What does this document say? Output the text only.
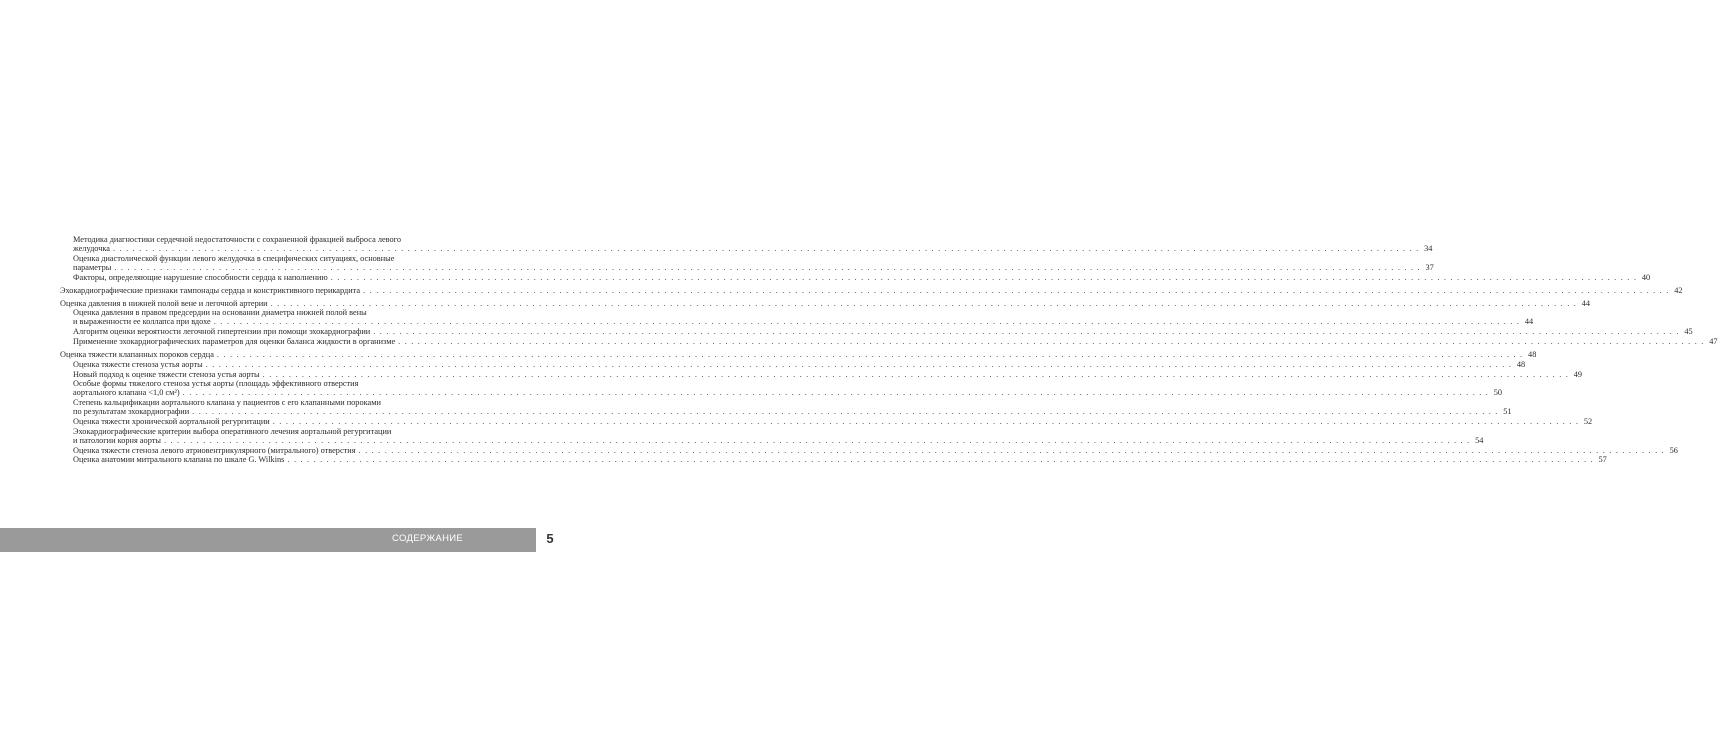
Методика диагностики сердечной недостаточности с сохраненной фракцией выброса левого
желудочка . . . . . . . . . . . . . . . . . . . . . . . . . . . . . . . . . . . . . . . . . . . . . . . . . . . . . . . . . . . . . . . . . . . . . . . . . . . . . . . . . . . . . . . . . . . . . . . . . . . . . . . . . . . . . . . . . . . . . . . . . . . . . . . . . . . . . . . . . . . . . . . . . . . . . . . . . . . . . . . . . . . . . . . . . . . . . . . . . . . . . . . . . . . . . . . . . . . . . . . . 34
Оценка диастолической функции левого желудочка в специфических ситуациях, основные
параметры . . . . . . . . . . . . . . . . . . . . . . . . . . . . . . . . . . . . . . . . . . . . . . . . . . . . . . . . . . . . . . . . . . . . . . . . . . . . . . . . . . . . . . . . . . . . . . . . . . . . . . . . . . . . . . . . . . . . . . . . . . . . . . . . . . . . . . . . . . . . . . . . . . . . . . . . . . . . . . . . . . . . . . . . . . . . . . . . . . . . . . . . . . . . . . . . . . . . . . . . 37
Факторы, определяющие нарушение способности сердца к наполнению . . . . . . . . . . . . . . . . . . . . . . . . . . . . . . . . . . . . . . . . . . . . . . . . . . . . . . . . . . . . . . . . . . . . . . . . . . . . . . . . . . . . . . . . . . . . . . . . . . . . . . . . . . . . . . . . . . . . . . . . . . . . . . . . . . . . . . . . . . . . . . . . . . . . . . . . . . . . . . . . . . . . . . . . . . . . . . . . . . . . . . . . . . . . . . . . . . . . . . . . 40
Эхокардиографические признаки тампонады сердца и констриктивного перикардита . . . . . . . . . . . . . . . . . . . . . . . . . . . . . . . . . . . . . . . . . . . . . . . . . . . . . . . . . . . . . . . . . . . . . . . . . . . . . . . . . . . . . . . . . . . . . . . . . . . . . . . . . . . . . . . . . . . . . . . . . . . . . . . . . . . . . . . . . . . . . . . . . . . . . . . . . . . . . . . . . . . . . . . . . . . . . . . . . . . . . . . . . . . . . . . . . . . . . . . . 42
Оценка давления в нижней полой вене и легочной артерии . . . . . . . . . . . . . . . . . . . . . . . . . . . . . . . . . . . . . . . . . . . . . . . . . . . . . . . . . . . . . . . . . . . . . . . . . . . . . . . . . . . . . . . . . . . . . . . . . . . . . . . . . . . . . . . . . . . . . . . . . . . . . . . . . . . . . . . . . . . . . . . . . . . . . . . . . . . . . . . . . . . . . . . . . . . . . . . . . . . . . . . . . . . . . . . . . . . . . . . . 44
Оценка давления в правом предсердии на основании диаметра нижней полой вены
и выраженности ее коллапса при вдохе . . . . . . . . . . . . . . . . . . . . . . . . . . . . . . . . . . . . . . . . . . . . . . . . . . . . . . . . . . . . . . . . . . . . . . . . . . . . . . . . . . . . . . . . . . . . . . . . . . . . . . . . . . . . . . . . . . . . . . . . . . . . . . . . . . . . . . . . . . . . . . . . . . . . . . . . . . . . . . . . . . . . . . . . . . . . . . . . . . . . . . . . . . . . . . . . . . . . . . . . 44
Алгоритм оценки вероятности легочной гипертензии при помощи эхокардиографии . . . . . . . . . . . . . . . . . . . . . . . . . . . . . . . . . . . . . . . . . . . . . . . . . . . . . . . . . . . . . . . . . . . . . . . . . . . . . . . . . . . . . . . . . . . . . . . . . . . . . . . . . . . . . . . . . . . . . . . . . . . . . . . . . . . . . . . . . . . . . . . . . . . . . . . . . . . . . . . . . . . . . . . . . . . . . . . . . . . . . . . . . . . . . . . . . . . . . . . . 45
Применение эхокардиографических параметров для оценки баланса жидкости в организме . . . . . . . . . . . . . . . . . . . . . . . . . . . . . . . . . . . . . . . . . . . . . . . . . . . . . . . . . . . . . . . . . . . . . . . . . . . . . . . . . . . . . . . . . . . . . . . . . . . . . . . . . . . . . . . . . . . . . . . . . . . . . . . . . . . . . . . . . . . . . . . . . . . . . . . . . . . . . . . . . . . . . . . . . . . . . . . . . . . . . . . . . . . . . . . . . . . . . . . . 47
Оценка тяжести клапанных пороков сердца . . . . . . . . . . . . . . . . . . . . . . . . . . . . . . . . . . . . . . . . . . . . . . . . . . . . . . . . . . . . . . . . . . . . . . . . . . . . . . . . . . . . . . . . . . . . . . . . . . . . . . . . . . . . . . . . . . . . . . . . . . . . . . . . . . . . . . . . . . . . . . . . . . . . . . . . . . . . . . . . . . . . . . . . . . . . . . . . . . . . . . . . . . . . . . . . . . . . . . . . 48
Оценка тяжести стеноза устья аорты . . . . . . . . . . . . . . . . . . . . . . . . . . . . . . . . . . . . . . . . . . . . . . . . . . . . . . . . . . . . . . . . . . . . . . . . . . . . . . . . . . . . . . . . . . . . . . . . . . . . . . . . . . . . . . . . . . . . . . . . . . . . . . . . . . . . . . . . . . . . . . . . . . . . . . . . . . . . . . . . . . . . . . . . . . . . . . . . . . . . . . . . . . . . . . . . . . . . . . . . 48
Новый подход к оценке тяжести стеноза устья аорты . . . . . . . . . . . . . . . . . . . . . . . . . . . . . . . . . . . . . . . . . . . . . . . . . . . . . . . . . . . . . . . . . . . . . . . . . . . . . . . . . . . . . . . . . . . . . . . . . . . . . . . . . . . . . . . . . . . . . . . . . . . . . . . . . . . . . . . . . . . . . . . . . . . . . . . . . . . . . . . . . . . . . . . . . . . . . . . . . . . . . . . . . . . . . . . . . . . . . . . . 49
Особые формы тяжелого стеноза устья аорты (площадь эффективного отверстия
аортального клапана <1,0 см²) . . . . . . . . . . . . . . . . . . . . . . . . . . . . . . . . . . . . . . . . . . . . . . . . . . . . . . . . . . . . . . . . . . . . . . . . . . . . . . . . . . . . . . . . . . . . . . . . . . . . . . . . . . . . . . . . . . . . . . . . . . . . . . . . . . . . . . . . . . . . . . . . . . . . . . . . . . . . . . . . . . . . . . . . . . . . . . . . . . . . . . . . . . . . . . . . . . . . . . . . 50
Степень кальцификации аортального клапана у пациентов с его клапанными пороками
по результатам эхокардиографии . . . . . . . . . . . . . . . . . . . . . . . . . . . . . . . . . . . . . . . . . . . . . . . . . . . . . . . . . . . . . . . . . . . . . . . . . . . . . . . . . . . . . . . . . . . . . . . . . . . . . . . . . . . . . . . . . . . . . . . . . . . . . . . . . . . . . . . . . . . . . . . . . . . . . . . . . . . . . . . . . . . . . . . . . . . . . . . . . . . . . . . . . . . . . . . . . . . . . . . . 51
Оценка тяжести хронической аортальной регургитации . . . . . . . . . . . . . . . . . . . . . . . . . . . . . . . . . . . . . . . . . . . . . . . . . . . . . . . . . . . . . . . . . . . . . . . . . . . . . . . . . . . . . . . . . . . . . . . . . . . . . . . . . . . . . . . . . . . . . . . . . . . . . . . . . . . . . . . . . . . . . . . . . . . . . . . . . . . . . . . . . . . . . . . . . . . . . . . . . . . . . . . . . . . . . . . . . . . . . . . . 52
Эхокардиографические критерии выбора оперативного лечения аортальной регургитации
и патологии корня аорты . . . . . . . . . . . . . . . . . . . . . . . . . . . . . . . . . . . . . . . . . . . . . . . . . . . . . . . . . . . . . . . . . . . . . . . . . . . . . . . . . . . . . . . . . . . . . . . . . . . . . . . . . . . . . . . . . . . . . . . . . . . . . . . . . . . . . . . . . . . . . . . . . . . . . . . . . . . . . . . . . . . . . . . . . . . . . . . . . . . . . . . . . . . . . . . . . . . . . . . . 54
Оценка тяжести стеноза левого атриовентрикулярного (митрального) отверстия . . . . . . . . . . . . . . . . . . . . . . . . . . . . . . . . . . . . . . . . . . . . . . . . . . . . . . . . . . . . . . . . . . . . . . . . . . . . . . . . . . . . . . . . . . . . . . . . . . . . . . . . . . . . . . . . . . . . . . . . . . . . . . . . . . . . . . . . . . . . . . . . . . . . . . . . . . . . . . . . . . . . . . . . . . . . . . . . . . . . . . . . . . . . . . . . . . . . . . . . 56
Оценка анатомии митрального клапана по шкале G. Wilkins . . . . . . . . . . . . . . . . . . . . . . . . . . . . . . . . . . . . . . . . . . . . . . . . . . . . . . . . . . . . . . . . . . . . . . . . . . . . . . . . . . . . . . . . . . . . . . . . . . . . . . . . . . . . . . . . . . . . . . . . . . . . . . . . . . . . . . . . . . . . . . . . . . . . . . . . . . . . . . . . . . . . . . . . . . . . . . . . . . . . . . . . . . . . . . . . . . . . . . . . 57
СОДЕРЖАНИЕ	5
